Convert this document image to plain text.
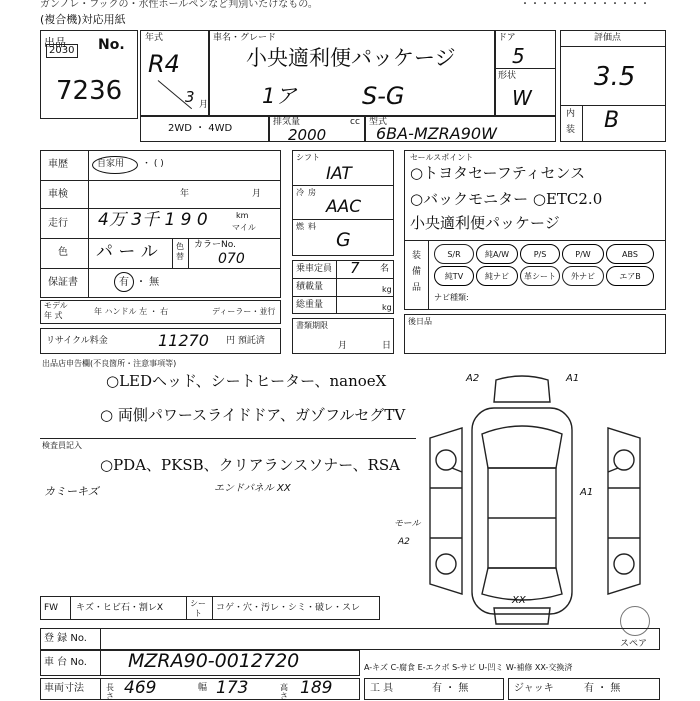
ガンノレ・フックの・水性ホールペンなど判別いたけなもの。	・・・・・・・・・・・・・
(複合機)対応用紙
出品
2030 No.
7236
年式
R4
3 月
車名・グレード
小央適利便パッケージ
1ア	S-G
ドア
5
形状
W
2WD ・ 4WD
排気量	cc
2000
型式
6BA-MZRA90W
評価点
3.5
内
装 B
車歴	自家用 ・ ( )
車検	年	月
走行 4万 3千 1 9 0	km
マイル
色 パ ー ル 色替
カラーNo.
070
保証書	有 ・ 無
モデル
年 式	年 ハンドル 左 ・ 右	ディーラー・並行
リサイクル料金	11270 円 預託済
シフト
IAT
冷 房
AAC
燃 料
G
乗車定員 7 名
積載量	kg
総重量	kg
書類期限
月	日
セールスポイント
○トヨタセーフティセンス
○バックモニター ○ETC2.0
小央適利便パッケージ
装
備
品
S/R	純A/W	P/S	P/W	ABS
純TV	純ナビ	革シート	外ナビ	エアB
ナビ種類:
後日品
出品店申告欄(不良箇所・注意事項等)
○LEDヘッド、シートヒーター、nanoeX
○ 両側パワースライドドア、ガゾフルセグTV
検査員記入
○PDA、PKSB、クリアランスソナー、RSA
カミーキズ	エンドパネル XX
A2	A1
A1
モール
A2
XX
スペア
FW キズ・ヒビ石・割レX	シー
ト
コゲ・穴・汚レ・シミ・破レ・スレ
登 録 No.
車 台 No. MZRA90-0012720	A-キズ C-腐食 E-エクボ S-サビ U-凹ミ W-補修 XX-交換済
車両寸法	長さ 469	幅 173	高さ 189	工 具	有 ・ 無	ジャッキ	有 ・ 無
